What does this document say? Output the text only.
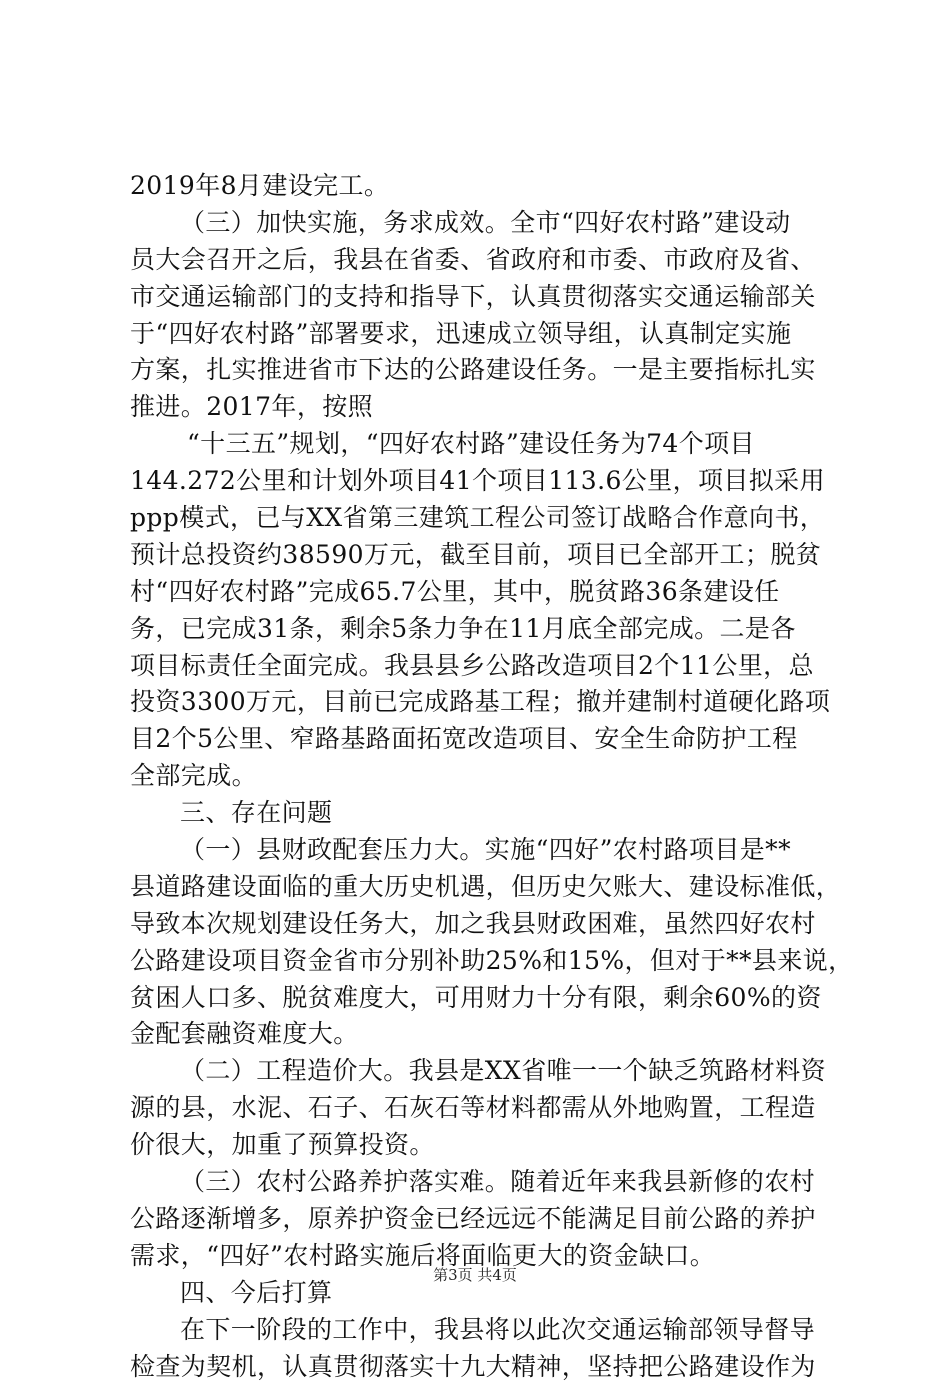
2019年8月建设完工。
（三）加快实施，务求成效。全市“四好农村路”建设动
员大会召开之后，我县在省委、省政府和市委、市政府及省、
市交通运输部门的支持和指导下，认真贯彻落实交通运输部关
于“四好农村路”部署要求，迅速成立领导组，认真制定实施
方案，扎实推进省市下达的公路建设任务。一是主要指标扎实
推进。2017年，按照
“十三五”规划，“四好农村路”建设任务为74个项目
144.272公里和计划外项目41个项目113.6公里，项目拟采用
ppp模式，已与XX省第三建筑工程公司签订战略合作意向书，
预计总投资约38590万元，截至目前，项目已全部开工；脱贫
村“四好农村路”完成65.7公里，其中，脱贫路36条建设任
务，已完成31条，剩余5条力争在11月底全部完成。二是各
项目标责任全面完成。我县县乡公路改造项目2个11公里，总
投资3300万元，目前已完成路基工程；撤并建制村道硬化路项
目2个5公里、窄路基路面拓宽改造项目、安全生命防护工程
全部完成。
三、存在问题
（一）县财政配套压力大。实施“四好”农村路项目是**
县道路建设面临的重大历史机遇，但历史欠账大、建设标准低，
导致本次规划建设任务大，加之我县财政困难，虽然四好农村
公路建设项目资金省市分别补助25%和15%，但对于**县来说，
贫困人口多、脱贫难度大，可用财力十分有限，剩余60%的资
金配套融资难度大。
（二）工程造价大。我县是XX省唯一一个缺乏筑路材料资
源的县，水泥、石子、石灰石等材料都需从外地购置，工程造
价很大，加重了预算投资。
（三）农村公路养护落实难。随着近年来我县新修的农村
公路逐渐增多，原养护资金已经远远不能满足目前公路的养护
需求，“四好”农村路实施后将面临更大的资金缺口。
四、今后打算
在下一阶段的工作中，我县将以此次交通运输部领导督导
检查为契机，认真贯彻落实十九大精神，坚持把公路建设作为
第3页 共4页
